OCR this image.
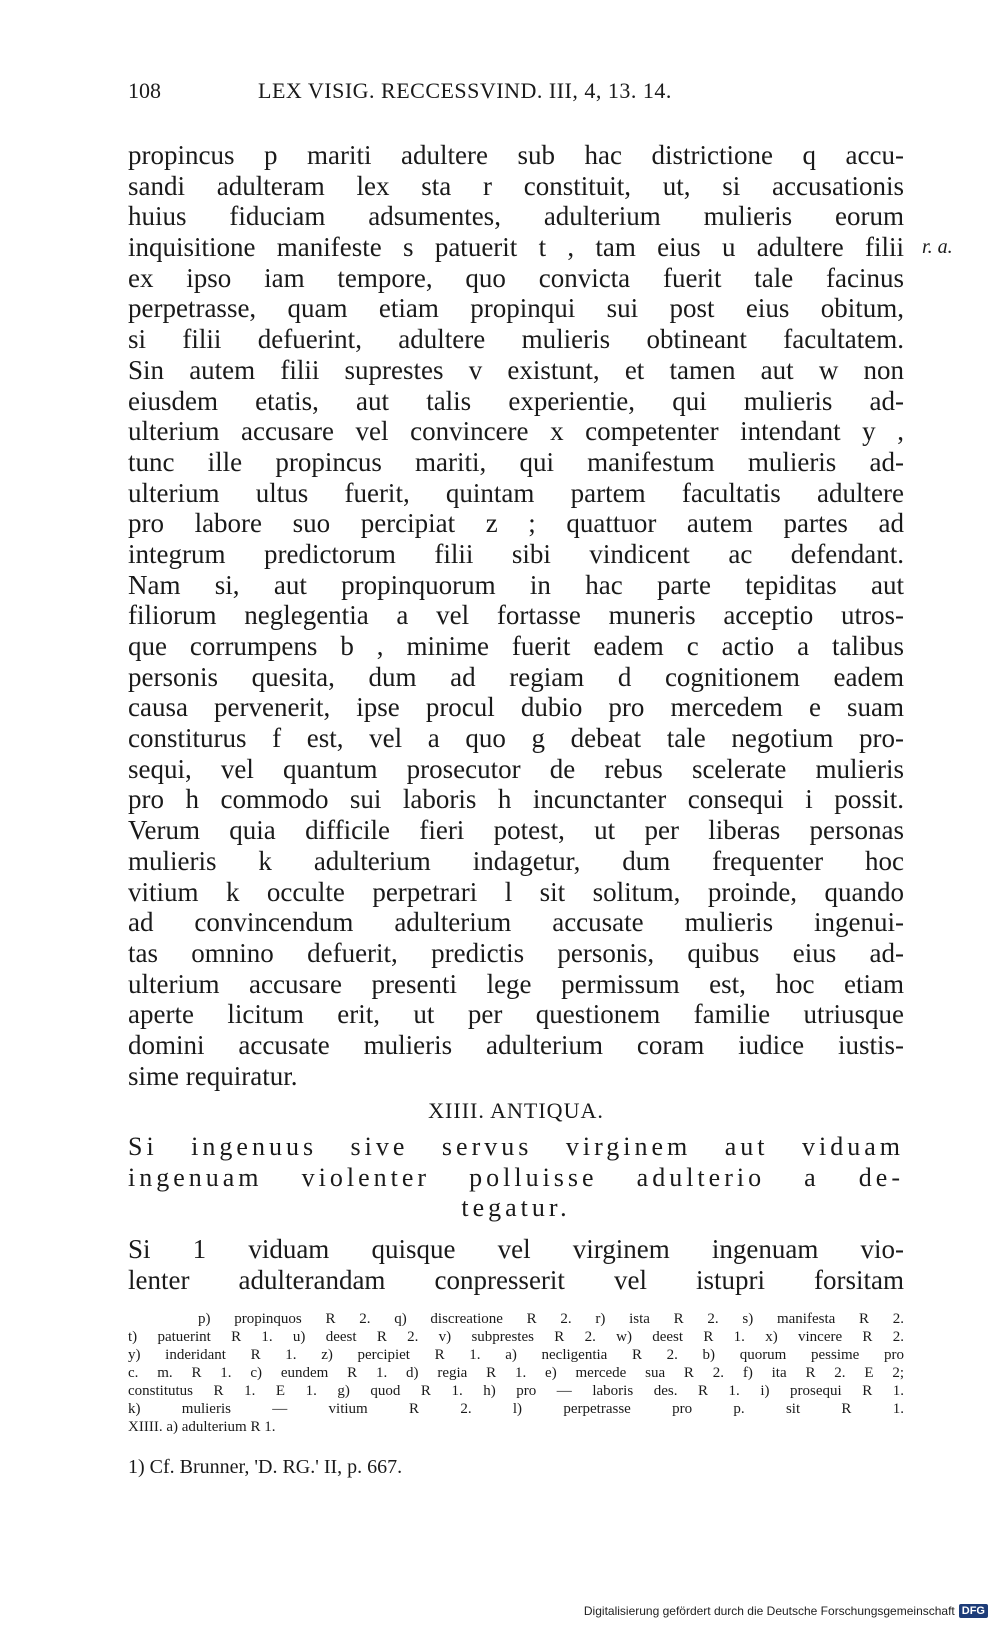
108	LEX VISIG. RECCESSVIND. III, 4, 13. 14.
r. a.
propincus p mariti adultere sub hac districtione q accu-
sandi adulteram lex sta r constituit, ut, si accusationis
huius fiduciam adsumentes, adulterium mulieris eorum
inquisitione manifeste s patuerit t , tam eius u adultere filii
ex ipso iam tempore, quo convicta fuerit tale facinus
perpetrasse, quam etiam propinqui sui post eius obitum,
si filii defuerint, adultere mulieris obtineant facultatem.
Sin autem filii suprestes v existunt, et tamen aut w non
eiusdem etatis, aut talis experientie, qui mulieris ad-
ulterium accusare vel convincere x competenter intendant y ,
tunc ille propincus mariti, qui manifestum mulieris ad-
ulterium ultus fuerit, quintam partem facultatis adultere
pro labore suo percipiat z ; quattuor autem partes ad
integrum predictorum filii sibi vindicent ac defendant.
Nam si, aut propinquorum in hac parte tepiditas aut
filiorum neglegentia a vel fortasse muneris acceptio utros-
que corrumpens b , minime fuerit eadem c actio a talibus
personis quesita, dum ad regiam d cognitionem eadem
causa pervenerit, ipse procul dubio pro mercedem e suam
constiturus f est, vel a quo g debeat tale negotium pro-
sequi, vel quantum prosecutor de rebus scelerate mulieris
pro h commodo sui laboris h incunctanter consequi i possit.
Verum quia difficile fieri potest, ut per liberas personas
mulieris k adulterium indagetur, dum frequenter hoc
vitium k occulte perpetrari l sit solitum, proinde, quando
ad convincendum adulterium accusate mulieris ingenui-
tas omnino defuerit, predictis personis, quibus eius ad-
ulterium accusare presenti lege permissum est, hoc etiam
aperte licitum erit, ut per questionem familie utriusque
domini accusate mulieris adulterium coram iudice iustis-
sime requiratur.
XIIII. ANTIQUA.
Si ingenuus sive servus virginem aut viduam
ingenuam violenter polluisse adulterio a de-
tegatur.
Si 1 viduam quisque vel virginem ingenuam vio-
lenter adulterandam conpresserit vel istupri forsitam
p) propinquos R 2. q) discreatione R 2. r) ista R 2. s) manifesta R 2.
t) patuerint R 1. u) deest R 2. v) subprestes R 2. w) deest R 1. x) vincere R 2.
y) inderidant R 1. z) percipiet R 1. a) necligentia R 2. b) quorum pessime pro
c. m. R 1. c) eundem R 1. d) regia R 1. e) mercede sua R 2. f) ita R 2. E 2;
constitutus R 1. E 1. g) quod R 1. h) pro — laboris des. R 1. i) prosequi R 1.
k) mulieris — vitium R 2. l) perpetrasse pro p. sit R 1.
XIIII. a) adulterium R 1.
1) Cf. Brunner, 'D. RG.' II, p. 667.
Digitalisierung gefördert durch die Deutsche Forschungsgemeinschaft DFG
